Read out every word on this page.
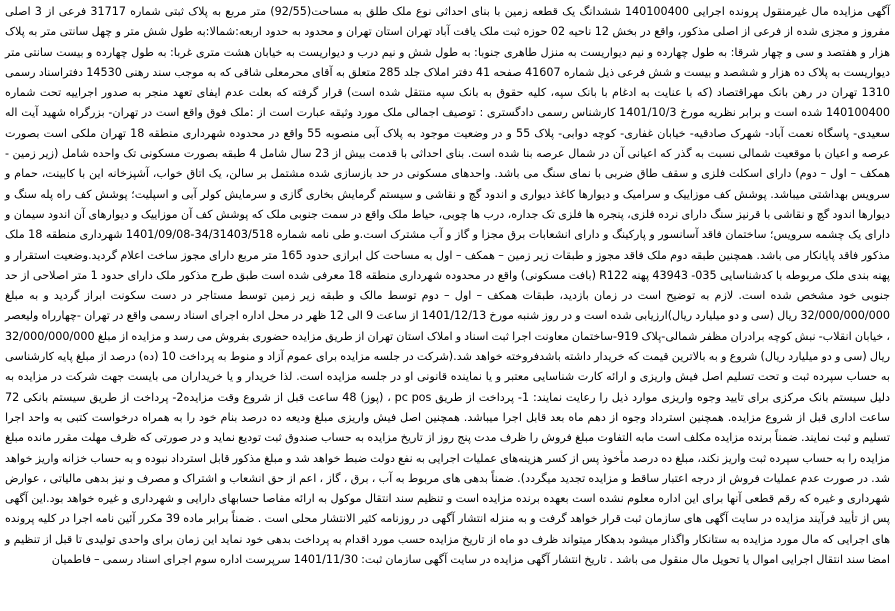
آگهی مزایده مال غیرمنقول پرونده اجرایی 140100400 ششدانگ یک قطعه زمین با بنای احداثی نوع ملک طلق به مساحت(92/55) متر مربع به پلاک ثبتی شماره 31717 فرعی از 3 اصلی مفروز و مجزی شده از فرعی از اصلی مذکور، واقع در بخش 12 ناحیه 02 حوزه ثبت ملک یافت آباد تهران استان تهران و محدود به حدود اربعه:شمالا:به طول شش متر و چهل سانتی متر به پلاک هزار و هفتصد و سی و چهار شرقا: به طول چهارده و نیم دیواریست به منزل طاهری جنوبا: به طول شش و نیم درب و دیواریست به خیابان هشت متری غربا: به طول چهارده و بیست سانتی متر دیواریست به پلاک ده هزار و ششصد و بیست و شش فرعی ذیل شماره 41607 صفحه 41 دفتر املاک جلد 285 متعلق به آقای محرمعلی شاقی که به موجب سند رهنی 14530 دفتراسناد رسمی 1310 تهران در رهن بانک مهراقتصاد (که با عنایت به ادغام با بانک سپه، کلیه حقوق به بانک سپه منتقل شده است) قرار گرفته که بعلت عدم ایفای تعهد منجر به صدور اجراییه تحت شماره 140100400 شده است و برابر نظریه مورخ 1401/10/3 کارشناس رسمی دادگستری : توصیف اجمالی ملک مورد وثیقه عبارت است از :ملک فوق واقع است در تهران- بزرگراه شهید آیت اله سعیدی- پاسگاه نعمت آباد- شهرک صادقیه- خیابان غفاری- کوچه دوابی- پلاک 55 و در وضعیت موجود به پلاک آبی منصوبه 55 واقع در محدوده شهرداری منطقه 18 تهران ملکی است بصورت عرصه و اعیان با موقعیت شمالی نسبت به گذر که اعیانی آن در شمال عرصه بنا شده است. بنای احداثی با قدمت بیش از 23 سال شامل 4 طبقه بصورت مسکونی تک واحده شامل (زیر زمین - همکف – اول – دوم) دارای اسکلت فلزی و سقف طاق ضربی با نمای سنگ می باشد. واحدهای مسکونی در حد بازسازی شده مشتمل بر سالن، یک اتاق خواب، آشپزخانه این با کابینت، حمام و سرویس بهداشتی میباشد. پوشش کف موزاییک و سرامیک و دیوارها کاغذ دیواری و اندود گچ و نقاشی و سیستم گرمایش بخاری گازی و سرمایش کولر آبی و اسپلیت؛ پوشش کف راه پله سنگ و دیوارها اندود گچ و نقاشی با قرنیز سنگ دارای نرده فلزی، پنجره ها فلزی تک جداره، درب ها چوبی، حیاط ملک واقع در سمت جنوبی ملک که پوشش کف آن موزاییک و دیوارهای آن اندود سیمان و دارای یک چشمه سرویس؛ ساختمان فاقد آسانسور و پارکینگ و دارای انشعابات برق مجزا و گاز و آب مشترک است.و طی نامه شماره 34/31403/518-1401/09/08 شهرداری منطقه 18 ملک مذکور فاقد پایانکار می باشد. همچنین طبقه دوم ملک فاقد مجوز و طبقات زیر زمین – همکف – اول به مساحت کل ابرازی حدود 165 متر مربع دارای مجوز ساخت اعلام گردید.وضعیت استقرار و پهنه بندی ملک مربوطه با کدشناسایی 035- 43943 پهنه R122 (بافت مسکونی) واقع در محدوده شهرداری منطقه 18 معرفی شده است طبق طرح مذکور ملک دارای حدود 1 متر اصلاحی از حد جنوبی خود مشخص شده است. لازم به توضیح است در زمان بازدید، طبقات همکف – اول – دوم توسط مالک و طبقه زیر زمین توسط مستاجر در دست سکونت ابراز گردید و به مبلغ 32/000/000/000 ریال (سی و دو میلیارد ریال)ارزیابی شده است و در روز شنبه مورخ 1401/12/13 از ساعت 9 الی 12 ظهر در محل اداره اجرای اسناد رسمی واقع در تهران -چهارراه ولیعصر ، خیابان انقلاب- نبش کوچه برادران مظفر شمالی-پلاک 919-ساختمان معاونت اجرا ثبت اسناد و املاک استان تهران از طریق مزایده حضوری بفروش می رسد و مزایده از مبلغ 32/000/000/000 ریال (سی و دو میلیارد ریال) شروع و به بالاترین قیمت که خریدار داشته باشدفروخته خواهد شد.(شرکت در جلسه مزایده برای عموم آزاد و منوط به پرداخت 10 (ده) درصد از مبلغ پایه کارشناسی به حساب سپرده ثبت و تحت تسلیم اصل فیش واریزی و ارائه کارت شناسایی معتبر و یا نماینده قانونی او در جلسه مزایده است. لذا خریدار و یا خریداران می بایست جهت شرکت در مزایده به دلیل سیستم بانک مرکزی برای تایید وجوه واریزی موارد ذیل را رعایت نمایند: 1- پرداخت از طریق pc pos ، (پوز) 48 ساعت قبل از شروع وقت مزایده2- پرداخت از طریق سیستم بانکی 72 ساعت اداری قبل از شروع مزایده. همچنین استرداد وجوه از دهم ماه بعد قابل اجرا میباشد. همچنین اصل فیش واریزی مبلغ ودیعه ده درصد بنام خود را به همراه درخواست کتبی به واحد اجرا تسلیم و ثبت نمایند. ضمناً برنده مزایده مکلف است مابه التفاوت مبلغ فروش را ظرف مدت پنج روز از تاریخ مزایده به حساب صندوق ثبت تودیع نماید و در صورتی که ظرف مهلت مقرر مانده مبلغ مزایده را به حساب سپرده ثبت واریز نکند، مبلغ ده درصد مأخوذ پس از کسر هزینه‌های عملیات اجرایی به نفع دولت ضبط خواهد شد و مبلغ مذکور قابل استرداد نبوده و به حساب خزانه واریز خواهد شد. در صورت عدم عملیات فروش از درجه اعتبار ساقط و مزایده تجدید میگردد). ضمناً بدهی های مربوط به آب ، برق ، گاز ، اعم از حق انشعاب و اشتراک و مصرف و نیز بدهی مالیاتی ، عوارض شهرداری و غیره که رقم قطعی آنها برای این اداره معلوم نشده است بعهده برنده مزایده است و تنظیم سند انتقال موکول به ارائه مفاصا حسابهای دارایی و شهرداری و غیره خواهد بود.این آگهی پس از تأیید فرآیند مزایده در سایت آگهی های سازمان ثبت قرار خواهد گرفت و به منزله انتشار آگهی در روزنامه کثیر الانتشار محلی است . ضمناً برابر ماده 39 مکرر آئین نامه اجرا در کلیه پرونده های اجرایی که مال مورد مزایده به ستانکار واگذار میشود بدهکار میتواند ظرف دو ماه از تاریخ مزایده حسب مورد اقدام به پرداخت بدهی خود نماید این زمان برای واحدی تولیدی تا قبل از تنظیم و امضا سند انتقال اجرایی اموال یا تحویل مال منقول می باشد . تاریخ انتشار آگهی مزایده در سایت آگهی سازمان ثبت: 1401/11/30 سرپرست اداره سوم اجرای اسناد رسمی – فاطمیان
